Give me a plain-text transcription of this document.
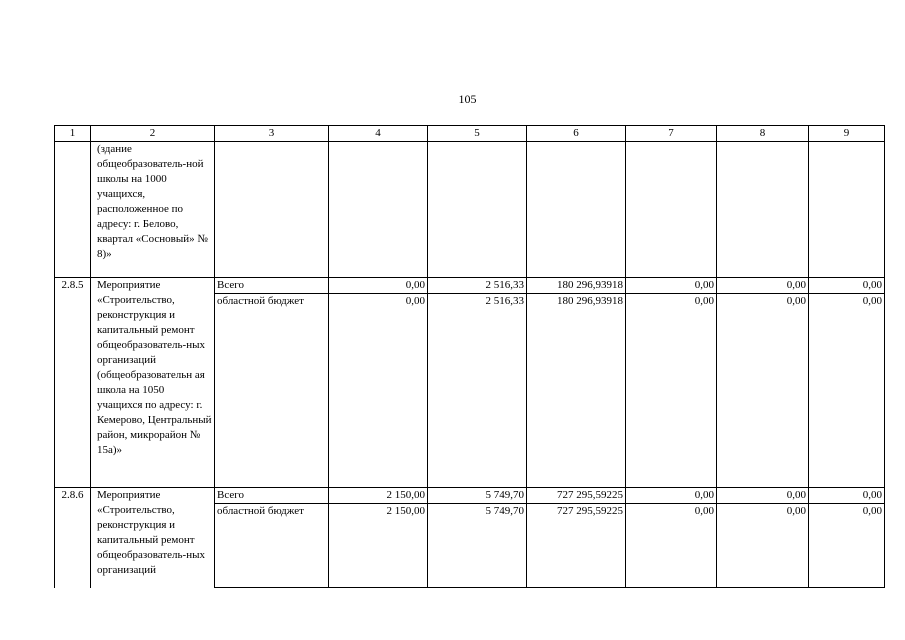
105
1	2	3	4	5	6	7	8	9
	(здание общеобразователь-ной школы на 1000 учащихся, расположенное по адресу: г. Белово, квартал «Сосновый» № 8)»							
2.8.5	Мероприятие «Строительство, реконструкция и капитальный ремонт общеобразователь-ных организаций (общеобразовательн ая школа на 1050 учащихся по адресу: г. Кемерово, Центральный район, микрорайон № 15а)»	Всего	0,00	2 516,33	180 296,93918	0,00	0,00	0,00
		областной бюджет	0,00	2 516,33	180 296,93918	0,00	0,00	0,00
2.8.6	Мероприятие «Строительство, реконструкция и капитальный ремонт общеобразователь-ных организаций	Всего	2 150,00	5 749,70	727 295,59225	0,00	0,00	0,00
		областной бюджет	2 150,00	5 749,70	727 295,59225	0,00	0,00	0,00
